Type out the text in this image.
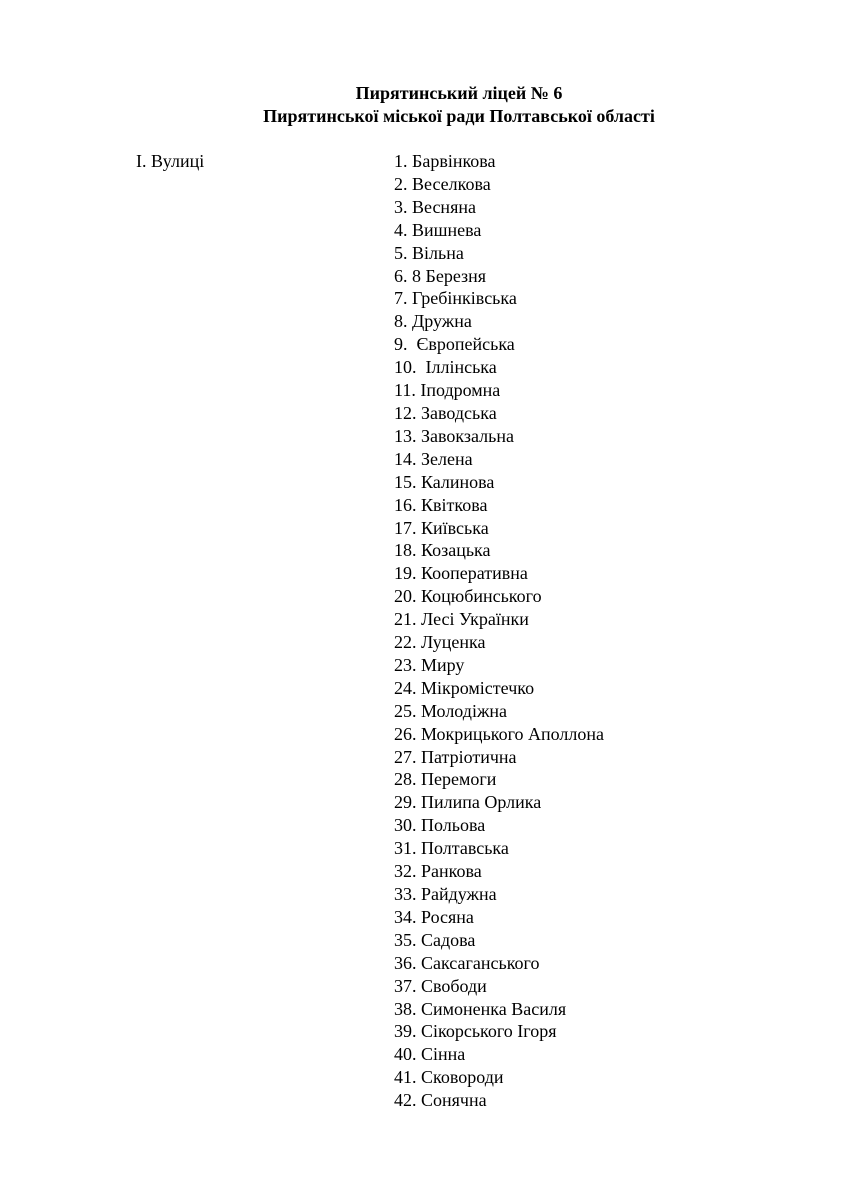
Пирятинський ліцей № 6
Пирятинської міської ради Полтавської області
І. Вулиці	1. Барвінкова
2. Веселкова
3. Весняна
4. Вишнева
5. Вільна
6. 8 Березня
7. Гребінківська
8. Дружна
9.  Європейська
10.  Іллінська
11. Іподромна
12. Заводська
13. Завокзальна
14. Зелена
15. Калинова
16. Квіткова
17. Київська
18. Козацька
19. Кооперативна
20. Коцюбинського
21. Лесі Українки
22. Луценка
23. Миру
24. Мікромістечко
25. Молодіжна
26. Мокрицького Аполлона
27. Патріотична
28. Перемоги
29. Пилипа Орлика
30. Польова
31. Полтавська
32. Ранкова
33. Райдужна
34. Росяна
35. Садова
36. Саксаганського
37. Свободи
38. Симоненка Василя
39. Сікорського Ігоря
40. Сінна
41. Сковороди
42. Сонячна
